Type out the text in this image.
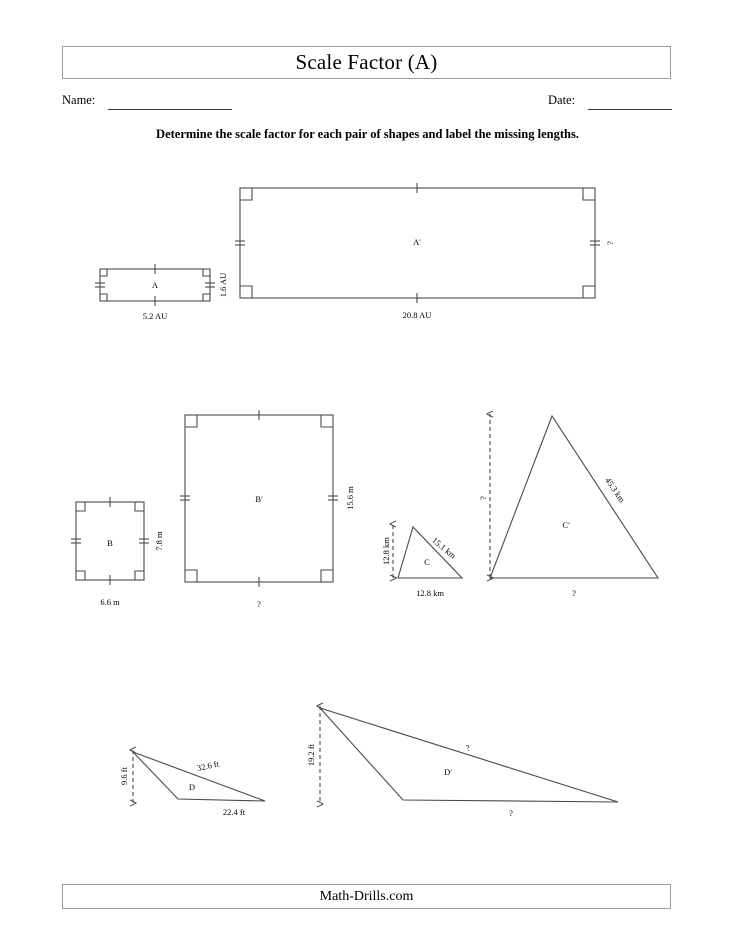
Scale Factor (A)
Name:	Date:
Determine the scale factor for each pair of shapes and label the missing lengths.
A
5.2 AU
1.6 AU
A'
20.8 AU
?
B
6.6 m
7.8 m
B'
?
15.6 m
C
12.8 km
12.8 km	15.1 km
C'
?
?	45.3 km
D
22.4 ft
9.6 ft
32.6 ft	D'
?
19.2 ft	?
Math-Drills.com
